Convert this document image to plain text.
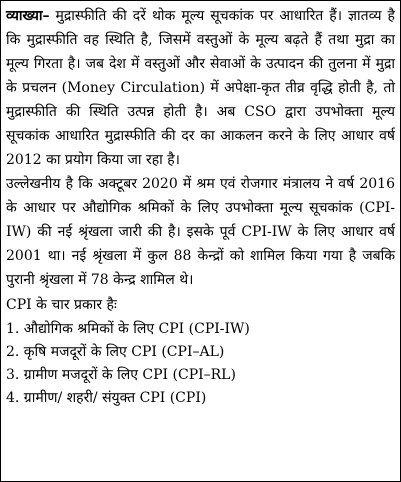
व्याख्या– मुद्रास्फीति की दरें थोक मूल्य सूचकांक पर आधारित हैं। ज्ञातव्य है कि मुद्रास्फीति वह स्थिति है, जिसमें वस्तुओं के मूल्य बढ़ते हैं तथा मुद्रा का मूल्य गिरता है। जब देश में वस्तुओं और सेवाओं के उत्पादन की तुलना में मुद्रा के प्रचलन (Money Circulation) में अपेक्षा-कृत तीव्र वृद्धि होती है, तो मुद्रास्फीति की स्थिति उत्पन्न होती है। अब CSO द्वारा उपभोक्ता मूल्य सूचकांक आधारित मुद्रास्फीति की दर का आकलन करने के लिए आधार वर्ष 2012 का प्रयोग किया जा रहा है।

उल्लेखनीय है कि अक्टूबर 2020 में श्रम एवं रोजगार मंत्रालय ने वर्ष 2016 के आधार पर औद्योगिक श्रमिकों के लिए उपभोक्ता मूल्य सूचकांक (CPI-IW) की नई श्रृंखला जारी की है। इसके पूर्व CPI-IW के लिए आधार वर्ष 2001 था। नई श्रृंखला में कुल 88 केन्द्रों को शामिल किया गया है जबकि पुरानी श्रृंखला में 78 केन्द्र शामिल थे।

CPI के चार प्रकार हैः

1. औद्योगिक श्रमिकों के लिए CPI (CPI-IW)
2. कृषि मजदूरों के लिए CPI (CPI–AL)
3. ग्रामीण मजदूरों के लिए CPI (CPI–RL)
4. ग्रामीण/ शहरी/ संयुक्त CPI (CPI)
